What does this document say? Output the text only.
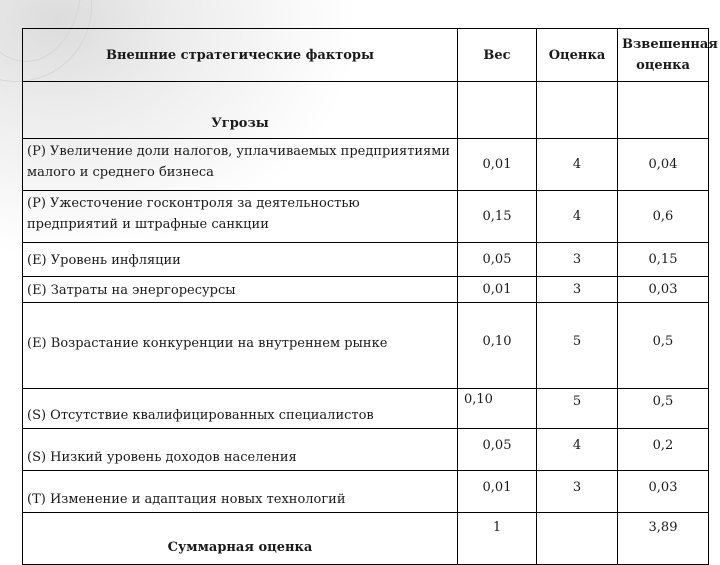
Внешние стратегические факторы	Вес	Оценка	Взвешенная оценка
Угрозы			
(P) Увеличение доли налогов, уплачиваемых предприятиями малого и среднего бизнеса	0,01	4	0,04
(P) Ужесточение госконтроля за деятельностью предприятий и штрафные санкции	0,15	4	0,6
(E) Уровень инфляции	0,05	3	0,15
(E) Затраты на энергоресурсы	0,01	3	0,03
(E) Возрастание конкуренции на внутреннем рынке	0,10	5	0,5
(S) Отсутствие квалифицированных специалистов	0,10	5	0,5
(S) Низкий уровень доходов населения	0,05	4	0,2
(T) Изменение и адаптация новых технологий	0,01	3	0,03
Суммарная оценка	1		3,89
